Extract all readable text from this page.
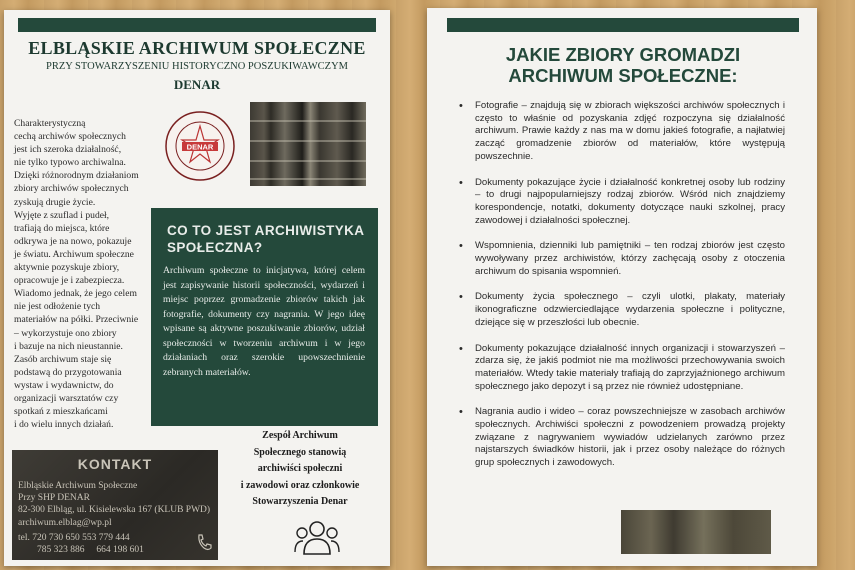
ELBLĄSKIE ARCHIWUM SPOŁECZNE
PRZY STOWARZYSZENIU HISTORYCZNO POSZUKIWAWCZYM
DENAR
DENAR
Charakterystyczną
cechą archiwów społecznych
jest ich szeroka działalność,
nie tylko typowo archiwalna.
Dzięki różnorodnym działaniom
zbiory archiwów społecznych
zyskują drugie życie.
Wyjęte z szuflad i pudeł,
trafiają do miejsca, które
odkrywa je na nowo, pokazuje
je światu. Archiwum społeczne
aktywnie pozyskuje zbiory,
opracowuje je i zabezpiecza.
Wiadomo jednak, że jego celem
nie jest odłożenie tych
materiałów na półki. Przeciwnie
– wykorzystuje ono zbiory
i bazuje na nich nieustannie.
Zasób archiwum staje się
podstawą do przygotowania
wystaw i wydawnictw, do
organizacji warsztatów czy
spotkań z mieszkańcami
i do wielu innych działań.
CO TO JEST ARCHIWISTYKA SPOŁECZNA?

Archiwum społeczne to inicjatywa, której celem jest zapisywanie historii społeczności, wydarzeń i miejsc poprzez gromadzenie zbiorów takich jak fotografie, dokumenty czy nagrania. W jego ideę wpisane są aktywne poszukiwanie zbiorów, udział społeczności w tworzeniu archiwum i w jego działaniach oraz szerokie upowszechnienie zebranych materiałów.

Zespół Archiwum
Społecznego stanowią
archiwiści społeczni
i zawodowi oraz członkowie
Stowarzyszenia Denar
KONTAKT
Elbląskie Archiwum Społeczne
Przy SHP DENAR
82-300 Elbląg, ul. Kisielewska 167 (KLUB PWD)
archiwum.elblag@wp.pl
tel. 720 730 650 553 779 444
785 323 886     664 198 601
JAKIE ZBIORY GROMADZI
ARCHIWUM SPOŁECZNE:
• Fotografie – znajdują się w zbiorach większości archiwów społecznych i często to właśnie od pozyskania zdjęć rozpoczyna się działalność archiwum. Prawie każdy z nas ma w domu jakieś fotografie, a najłatwiej zacząć gromadzenie zbiorów od materiałów, które występują powszechnie.
• Dokumenty pokazujące życie i działalność konkretnej osoby lub rodziny – to drugi najpopularniejszy rodzaj zbiorów. Wśród nich znajdziemy korespondencje, notatki, dokumenty dotyczące nauki szkolnej, pracy zawodowej i działalności społecznej.
• Wspomnienia, dzienniki lub pamiętniki – ten rodzaj zbiorów jest często wywoływany przez archiwistów, którzy zachęcają osoby z otoczenia archiwum do spisania wspomnień.
• Dokumenty życia społecznego – czyli ulotki, plakaty, materiały ikonograficzne odzwierciedlające wydarzenia społeczne i polityczne, dziejące się w przeszłości lub obecnie.
• Dokumenty pokazujące działalność innych organizacji i stowarzyszeń – zdarza się, że jakiś podmiot nie ma możliwości przechowywania swoich materiałów. Wtedy takie materiały trafiają do zaprzyjaźnionego archiwum społecznego jako depozyt i są przez nie również udostępniane.
• Nagrania audio i wideo – coraz powszechniejsze w zasobach archiwów społecznych. Archiwiści społeczni z powodzeniem prowadzą projekty związane z nagrywaniem wywiadów udzielanych zarówno przez najstarszych świadków historii, jak i przez osoby należące do różnych grup społecznych i zawodowych.
